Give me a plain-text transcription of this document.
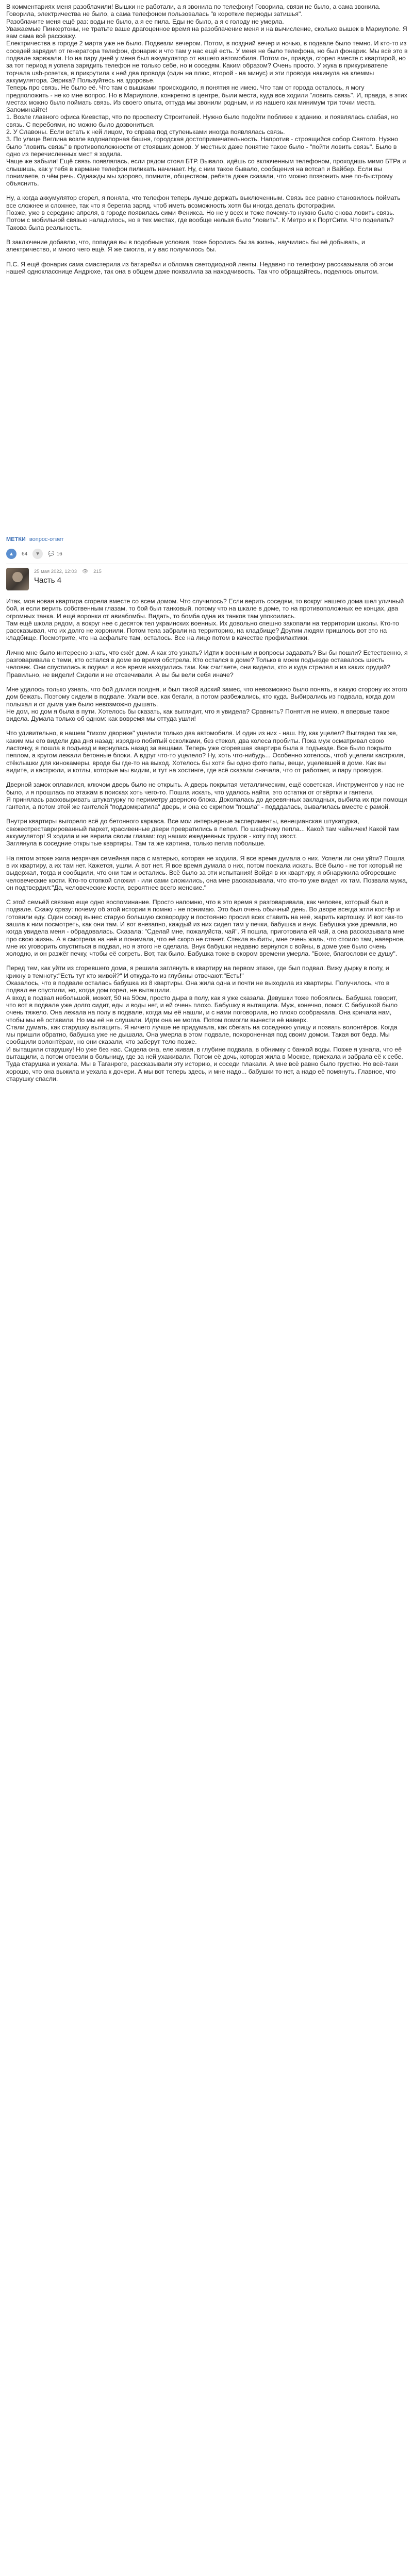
В комментариях меня разоблачили! Вышки не работали, а я звонила по телефону! Говорила, связи не было, а сама звонила. Говорила, электричества не было, а сама телефоном пользовалась "в короткие периоды затишья".

Разоблачите меня ещё раз: воды не было, а я ее пила. Еды не было, а я с голоду не умерла.

Уважаемые Пинкертоны, не тратьте ваше драгоценное время на разоблачение меня и на вычисление, сколько вышек в Мариуполе. Я вам сама всё расскажу.

Електричества в городе 2 марта уже не было. Подвезли вечером. Потом, в поздний вечер и ночью, в подвале было темно. И кто-то из соседей зарядил от генератора телефон, фонарик и что там у нас ещё есть. У меня не было телефона, но был фонарик. Мы всё это в подвале заряжали. Но на пару дней у меня был аккумулятор от нашего автомобиля. Потом он, правда, сгорел вместе с квартирой, но за тот период я успела зарядить телефон не только себе, но и соседям. Каким образом? Очень просто. У жука в прикуривателе торчала usb-розетка, я прикрутила к ней два провода (один на плюс, второй - на минус) и эти провода накинула на клеммы аккумулятора. Эврика? Пользуйтесь на здоровье.

Теперь про связь. Не было её. Что там с вышками происходило, я понятия не имею. Что там от города осталось, я могу предположить - не ко мне вопрос. Но в Мариуполе, конкретно в центре, были места, куда все ходили "ловить связь". И, правда, в этих местах можно было поймать связь. Из своего опыта, оттуда мы звонили родным, и из нашего как минимум три точки места. Запоминайте!

1. Возле главного офиса Киевстар, что по проспекту Строителей. Нужно было подойти поближе к зданию, и появлялась слабая, но связь. С перебоями, но можно было дозвониться.

2. У Славоны. Если встать к ней лицом, то справа под ступеньками иногда появлялась связь.

3. По улице Веглина возле водонапорная башня, городская достопримечательность. Напротив - строящийся собор Святого. Нужно было "ловить связь" в противоположности от стоявших домов. У местных даже понятие такое было - "пойти ловить связь". Было в одно из перечисленных мест я ходила.

Чаще же забыли! Ещё связь появлялась, если рядом стоял БТР. Вывало, идёшь со включенным телефоном, проходишь мимо БТРа и слышишь, как у тебя в кармане телефон пиликать начинает. Ну, с ним такое бывало, сообщения на вотсап и Вайбер. Если вы понимаете, о чём речь. Однажды мы здорово, помните, обществом, ребята даже сказали, что можно позвонить мне по-быстрому объяснить.

Ну, а когда аккумулятор сгорел, я поняла, что телефон теперь лучше держать выключенным. Связь все равно становилось поймать все сложнее и сложнее, так что я берегла заряд, чтоб иметь возможность хотя бы иногда делать фотографии.

Позже, уже в середине апреля, в городе появилась сими Феникса. Но не у всех и тоже почему-то нужно было снова ловить связь. Потом с мобильной связью наладилось, но в тех местах, где вообще нельзя было "ловить". К Метро и к ПортСити. Что поделать? Такова была реальность.

В заключение добавлю, что, попадая вы в подобные условия, тоже боролись бы за жизнь, научились бы её добывать, и электричество, и много чего ещё. Я же смогла, и у вас получилось бы.

П.С. Я ещё фонарик сама смастерила из батарейки и обломка светодиодной ленты. Недавно по телефону рассказывала об этом нашей однокласснице Андрюхе, так она в общем даже похвалила за находчивость. Так что обращайтесь, поделюсь опытом.

МЕТКИ вопрос-ответ
▲	64	▼	💬 16
25 мая 2022, 12:03 👁 215
Часть 4

Итак, моя новая квартира сгорела вместе со всем домом. Что случилось? Если верить соседям, то вокруг нашего дома шел уличный бой, и если верить собственным глазам, то бой был танковый, потому что на шкале в доме, то на противоположных ее концах, два огромных танка. И ещё воронки от авиабомбы. Видать, то бомба одна из танков там упокоилась.

Там ещё школа рядом, а вокруг нее с десяток тел украинских военных. Их довольно спешно закопали на территории школы. Кто-то рассказывал, что их долго не хоронили. Потом тела забрали на территорию, на кладбище? Другим людям пришлось вот это на кладбище. Посмотрите, что на асфальте там, осталось. Все на лицо потом в качестве профилактики.

Лично мне было интересно знать, что сжёг дом. А как это узнать? Идти к военным и вопросы задавать? Вы бы пошли? Естественно, я разговаривала с теми, кто остался в доме во время обстрела. Кто остался в доме? Только в моем подъезде оставалось шесть человек. Они спустились в подвал и все время находились там. Как считаете, они видели, кто и куда стрелял и из каких орудий? Правильно, не видели! Сидели и не отсвечивали. А вы бы вели себя иначе?

Мне удалось только узнать, что бой длился полдня, и был такой адский замес, что невозможно было понять, в какую сторону их этого дом бежать. Поэтому сидели в подвале. Ухали все, как бегали, а потом разбежались, кто куда. Выбирались из подвала, когда дом полыхал и от дыма уже было невозможно дышать.

Не дом, но дом я была в пути. Хотелось бы сказать, как выглядит, что я увидела? Сравнить? Понятия не имею, я впервые такое видела. Думала только об одном: как вовремя мы оттуда ушли!

Что удивительно, в нашем "тихом дворике" уцелели только два автомобиля. И один из них - наш. Ну, как уцелел? Выглядел так же, каким мы его видели два дня назад: изрядно побитый осколками, без стекол, два колеса пробиты. Пока муж осматривал свою ласточку, я пошла в подъезд и вернулась назад за вещами. Теперь уже сгоревшая квартира была в подъезде. Все было покрыто пеплом, а кругом лежали бетонные блоки. А вдруг что-то уцелело? Ну, хоть что-нибудь... Особенно хотелось, чтоб уцелели кастрюля, стёклышки для кинокамеры, вроде бы где-то на выход. Хотелось бы хотя бы одно фото папы, вещи, уцелевшей в доме. Как вы видите, и кастрюли, и котлы, которые мы видим, и тут на хостинге, где всё сказали сначала, что от работает, и пару проводов.

Дверной замок оплавился, ключом дверь было не открыть. А дверь покрытая металлическим, ещё советская. Инструментов у нас не было, и я прошлась по этажам в поисках хоть чего-то. Пошла искать, что удалось найти, это остатки от отвёртки и гантели.

Я принялась расковыривать штукатурку по периметру дверного блока. Докопалась до деревянных закладных, выбила их при помощи гантели, а потом этой же гантелей "поддомкратила" дверь, и она со скрипом "пошла" - подддалась, вывалилась вместе с рамой.

Внутри квартиры выгорело всё до бетонного каркаса. Все мои интерьерные эксперименты, венецианская штукатурка, свежеотреставрированный паркет, красивенные двери превратились в пепел. По шкафчику пепла... Какой там чайничек! Какой там аккумулятор! Я ходила и не верила своим глазам: год наших ежедневных трудов - коту под хвост.

Заглянула в соседние открытые квартиры. Там та же картина, только пепла побольше.

На пятом этаже жила незрячая семейная пара с матерью, которая не ходила. Я все время думала о них. Успели ли они уйти? Пошла в их квартиру, а их там нет. Кажется, ушли. А вот нет. Я все время думала о них, потом поехала искать. Всё было - не тот который не выдержал, тогда и сообщили, что они там и остались. Всё было за эти испытания! Войдя в их квартиру, я обнаружила обгоревшие человеческие кости. Кто-то стопкой сложил - или сами сложились, она мне рассказывала, что кто-то уже видел их там. Позвала мужа, он подтвердил:"Да, человеческие кости, вероятнее всего женские."

С этой семьёй связано еще одно воспоминание. Просто напомню, что в это время я разговаривала, как человек, который был в подвале. Скажу сразу: почему об этой истории я помню - не понимаю. Это был очень обычный день. Во дворе всегда жгли костёр и готовили еду. Один сосед вынес старую большую сковородку и постоянно просил всех ставить на неё, жарить картошку. И вот как-то зашла к ним посмотреть, как они там. И вот внезапно, каждый из них сидел там у печки, бабушка и внук. Бабушка уже дремала, но когда увидела меня - обрадовалась. Сказала: "Сделай мне, пожалуйста, чай". Я пошла, приготовила ей чай, а она рассказывала мне про свою жизнь. А я смотрела на неё и понимала, что её скоро не станет. Стекла выбиты, мне очень жаль, что стоило там, наверное, мне их уговорить спуститься в подвал, но я этого не сделала. Внук бабушки недавно вернулся с войны, в доме уже было очень холодно, и он разжёг печку, чтобы её согреть. Вот, так было. Бабушка тоже в скором времени умерла. "Боже, благослови ее душу".

Перед тем, как уйти из сгоревшего дома, я решила заглянуть в квартиру на первом этаже, где был подвал. Вижу дырку в полу, и крикну в темноту:"Есть тут кто живой?" И откуда-то из глубины отвечают:"Есть!"

Оказалось, что в подвале осталась бабушка из 8 квартиры. Она жила одна и почти не выходила из квартиры. Получилось, что в подвал ее спустили, но, когда дом горел, не вытащили.

А вход в подвал небольшой, может, 50 на 50см, просто дыра в полу, как я уже сказала. Девушки тоже побоялись. Бабушка говорит, что вот в подвале уже долго сидит, еды и воды нет, и ей очень плохо. Бабушку я вытащила. Муж, конечно, помог. С бабушкой было очень тяжело. Она лежала на полу в подвале, когда мы её нашли, и с нами поговорила, но плохо соображала. Она кричала нам, чтобы мы её оставили. Но мы её не слушали. Идти она не могла. Потом помогли вынести её наверх.

Стали думать, как старушку вытащить. Я ничего лучше не придумала, как сбегать на соседнюю улицу и позвать волонтёров. Когда мы пришли обратно, бабушка уже не дышала. Она умерла в этом подвале, похороненная под своим домом. Такая вот беда. Мы сообщили волонтёрам, но они сказали, что заберут тело позже.

И вытащили старушку! Но уже без нас. Сидела она, еле живая, в глубине подвала, в обнимку с банкой воды. Позже я узнала, что её вытащили, а потом отвезли в больницу, где за ней ухаживали. Потом её дочь, которая жила в Москве, приехала и забрала её к себе. Туда старушка и уехала. Мы в Таганроге, рассказывали эту историю, и соседи плакали. А мне всё равно было грустно. Но всё-таки хорошо, что она выжила и уехала к дочери. А мы вот теперь здесь, и мне надо... бабушки то нет, а надо её помянуть. Главное, что старушку спасли.
